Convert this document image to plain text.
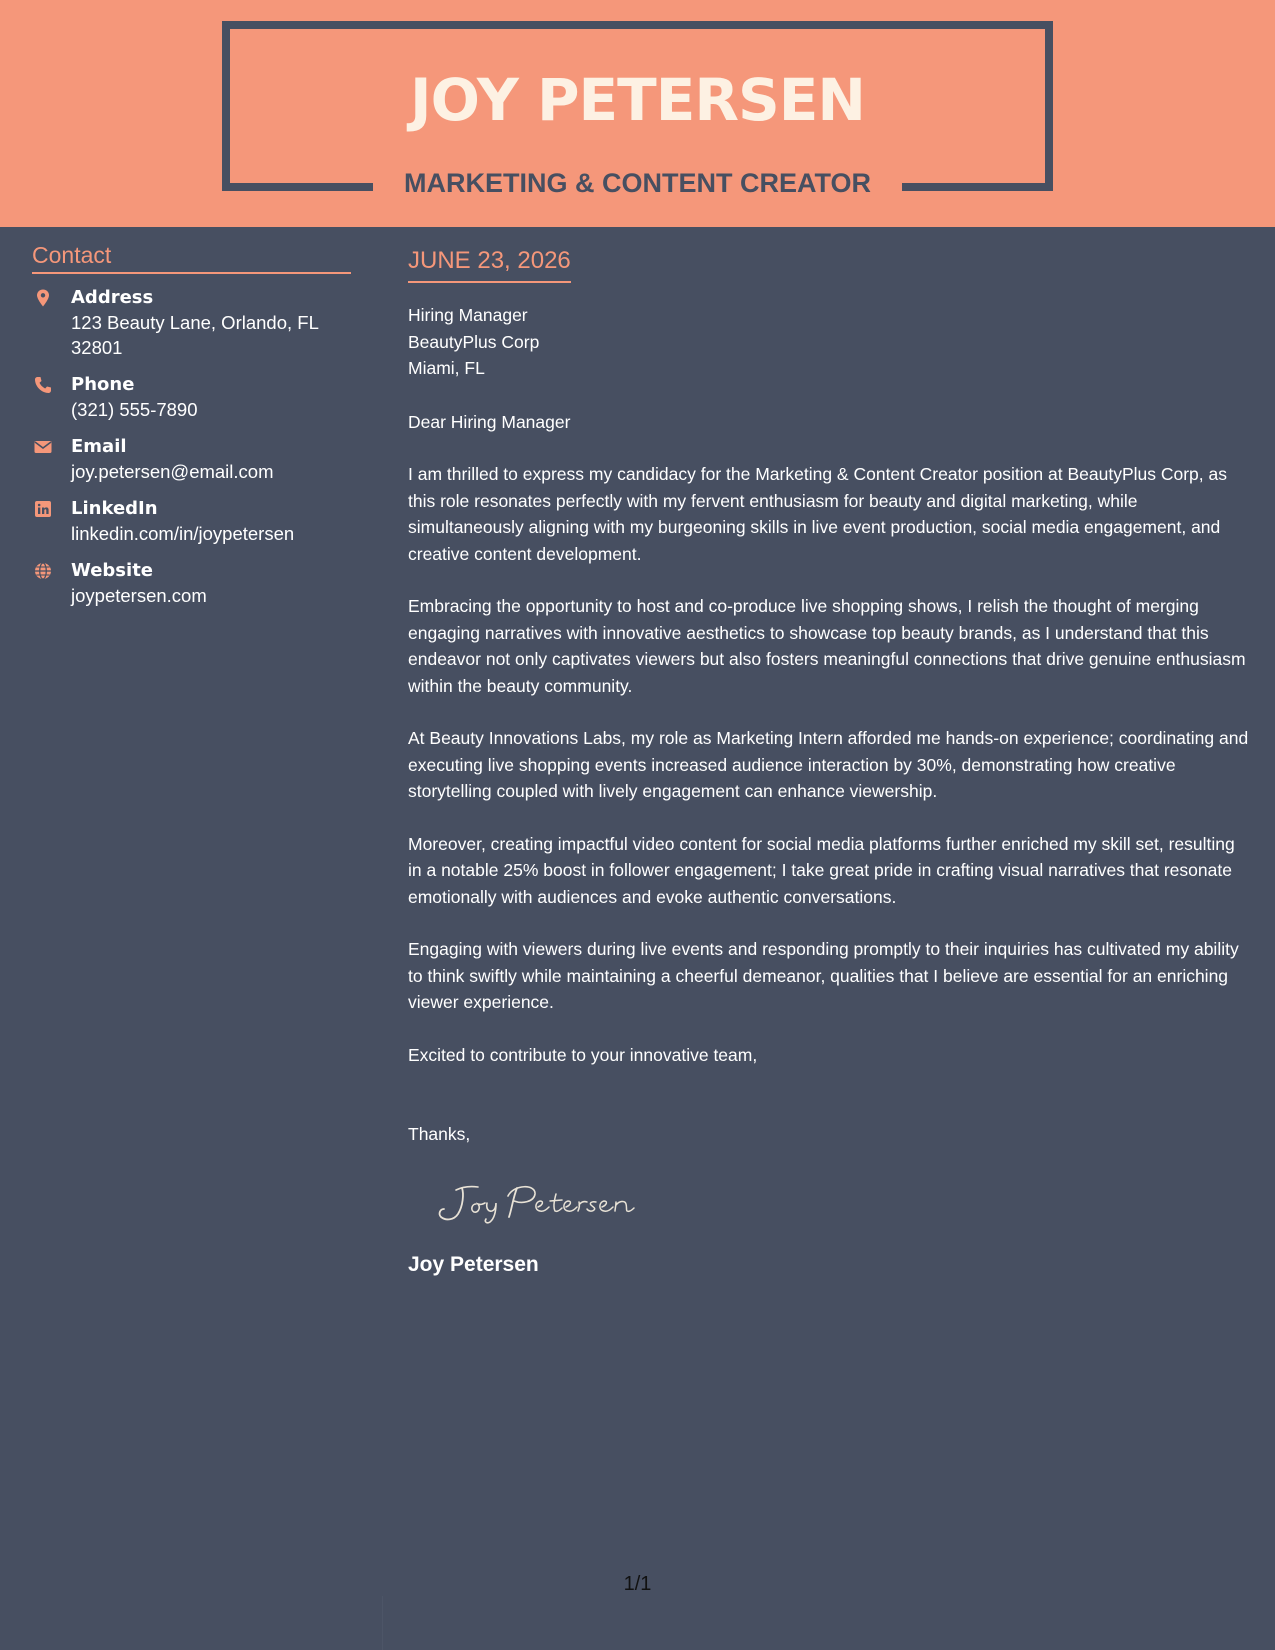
JOY PETERSEN
MARKETING & CONTENT CREATOR
Contact
Address
123 Beauty Lane, Orlando, FL 32801
Phone
(321) 555-7890
Email
joy.petersen@email.com
LinkedIn
linkedin.com/in/joypetersen
Website
joypetersen.com
JUNE 23, 2026
Hiring Manager
BeautyPlus Corp
Miami, FL
Dear Hiring Manager
I am thrilled to express my candidacy for the Marketing & Content Creator position at BeautyPlus Corp, as this role resonates perfectly with my fervent enthusiasm for beauty and digital marketing, while simultaneously aligning with my burgeoning skills in live event production, social media engagement, and creative content development.
Embracing the opportunity to host and co-produce live shopping shows, I relish the thought of merging engaging narratives with innovative aesthetics to showcase top beauty brands, as I understand that this endeavor not only captivates viewers but also fosters meaningful connections that drive genuine enthusiasm within the beauty community.
At Beauty Innovations Labs, my role as Marketing Intern afforded me hands-on experience; coordinating and executing live shopping events increased audience interaction by 30%, demonstrating how creative storytelling coupled with lively engagement can enhance viewership.
Moreover, creating impactful video content for social media platforms further enriched my skill set, resulting in a notable 25% boost in follower engagement; I take great pride in crafting visual narratives that resonate emotionally with audiences and evoke authentic conversations.
Engaging with viewers during live events and responding promptly to their inquiries has cultivated my ability to think swiftly while maintaining a cheerful demeanor, qualities that I believe are essential for an enriching viewer experience.
Excited to contribute to your innovative team,
Thanks,
Joy Petersen
1/1
